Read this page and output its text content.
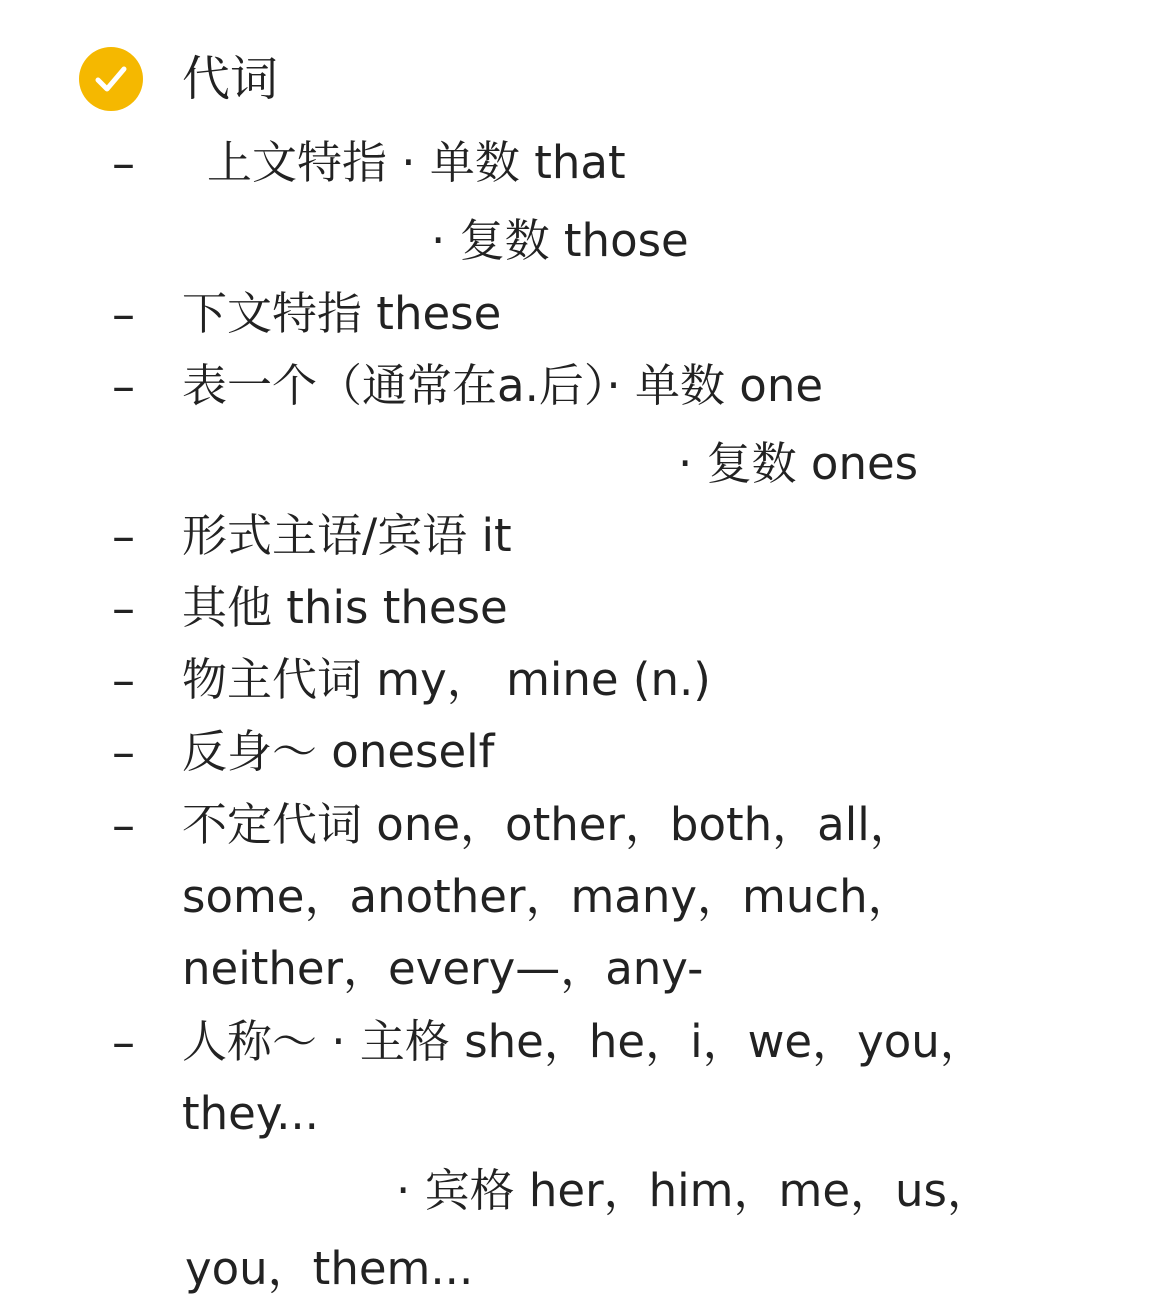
代词
– 上文特指 · 单数 that
· 复数 those
– 下文特指 these
– 表一个（通常在a.后）· 单数 one
· 复数 ones
– 形式主语/宾语 it
– 其他 this these
– 物主代词 my， mine (n.)
– 反身～ oneself
– 不定代词 one，other，both，all，
some，another，many，much，
neither，every—，any-
– 人称～ · 主格 she，he，i，we，you，
they...
· 宾格 her，him，me，us，
you，them...
